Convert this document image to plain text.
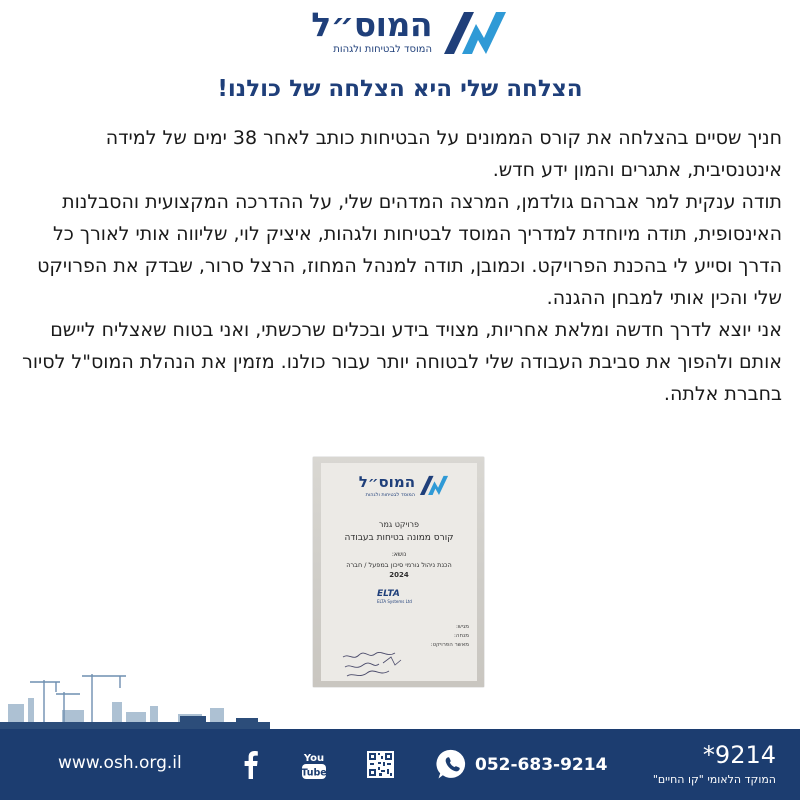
המוס״ל
המוסד לבטיחות ולגהות
הצלחה שלי היא הצלחה של כולנו!

חניך שסיים בהצלחה את קורס הממונים על הבטיחות כותב לאחר 38 ימים של למידה אינטנסיבית, אתגרים והמון ידע חדש.

תודה ענקית למר אברהם גולדמן, המרצה המדהים שלי, על ההדרכה המקצועית והסבלנות האינסופית, תודה מיוחדת למדריך המוסד לבטיחות ולגהות, איציק לוי, שליווה אותי לאורך כל הדרך וסייע לי בהכנת הפרויקט. וכמובן, תודה למנהל המחוז, הרצל סרור, שבדק את הפרויקט שלי והכין אותי למבחן ההגנה.

אני יוצא לדרך חדשה ומלאת אחריות, מצויד בידע ובכלים שרכשתי, ואני בטוח שאצליח ליישם אותם ולהפוך את סביבת העבודה שלי לבטוחה יותר עבור כולנו. מזמין את הנהלת המוס"ל לסיור בחברת אלתה.

המוס״ל
המוסד לבטיחות ולגהות
פרויקט גמר
קורס ממונה בטיחות בעבודה
נושא:
הכנת ניהול גורמי סיכון במפעל / חברה
2024
ELTA
ELTA Systems Ltd
מגיש:
מנחה:
מאשר הפרויקט:
www.osh.org.il	You
Tube	052-683-9214	*9214
המוקד הלאומי "קו החיים"
